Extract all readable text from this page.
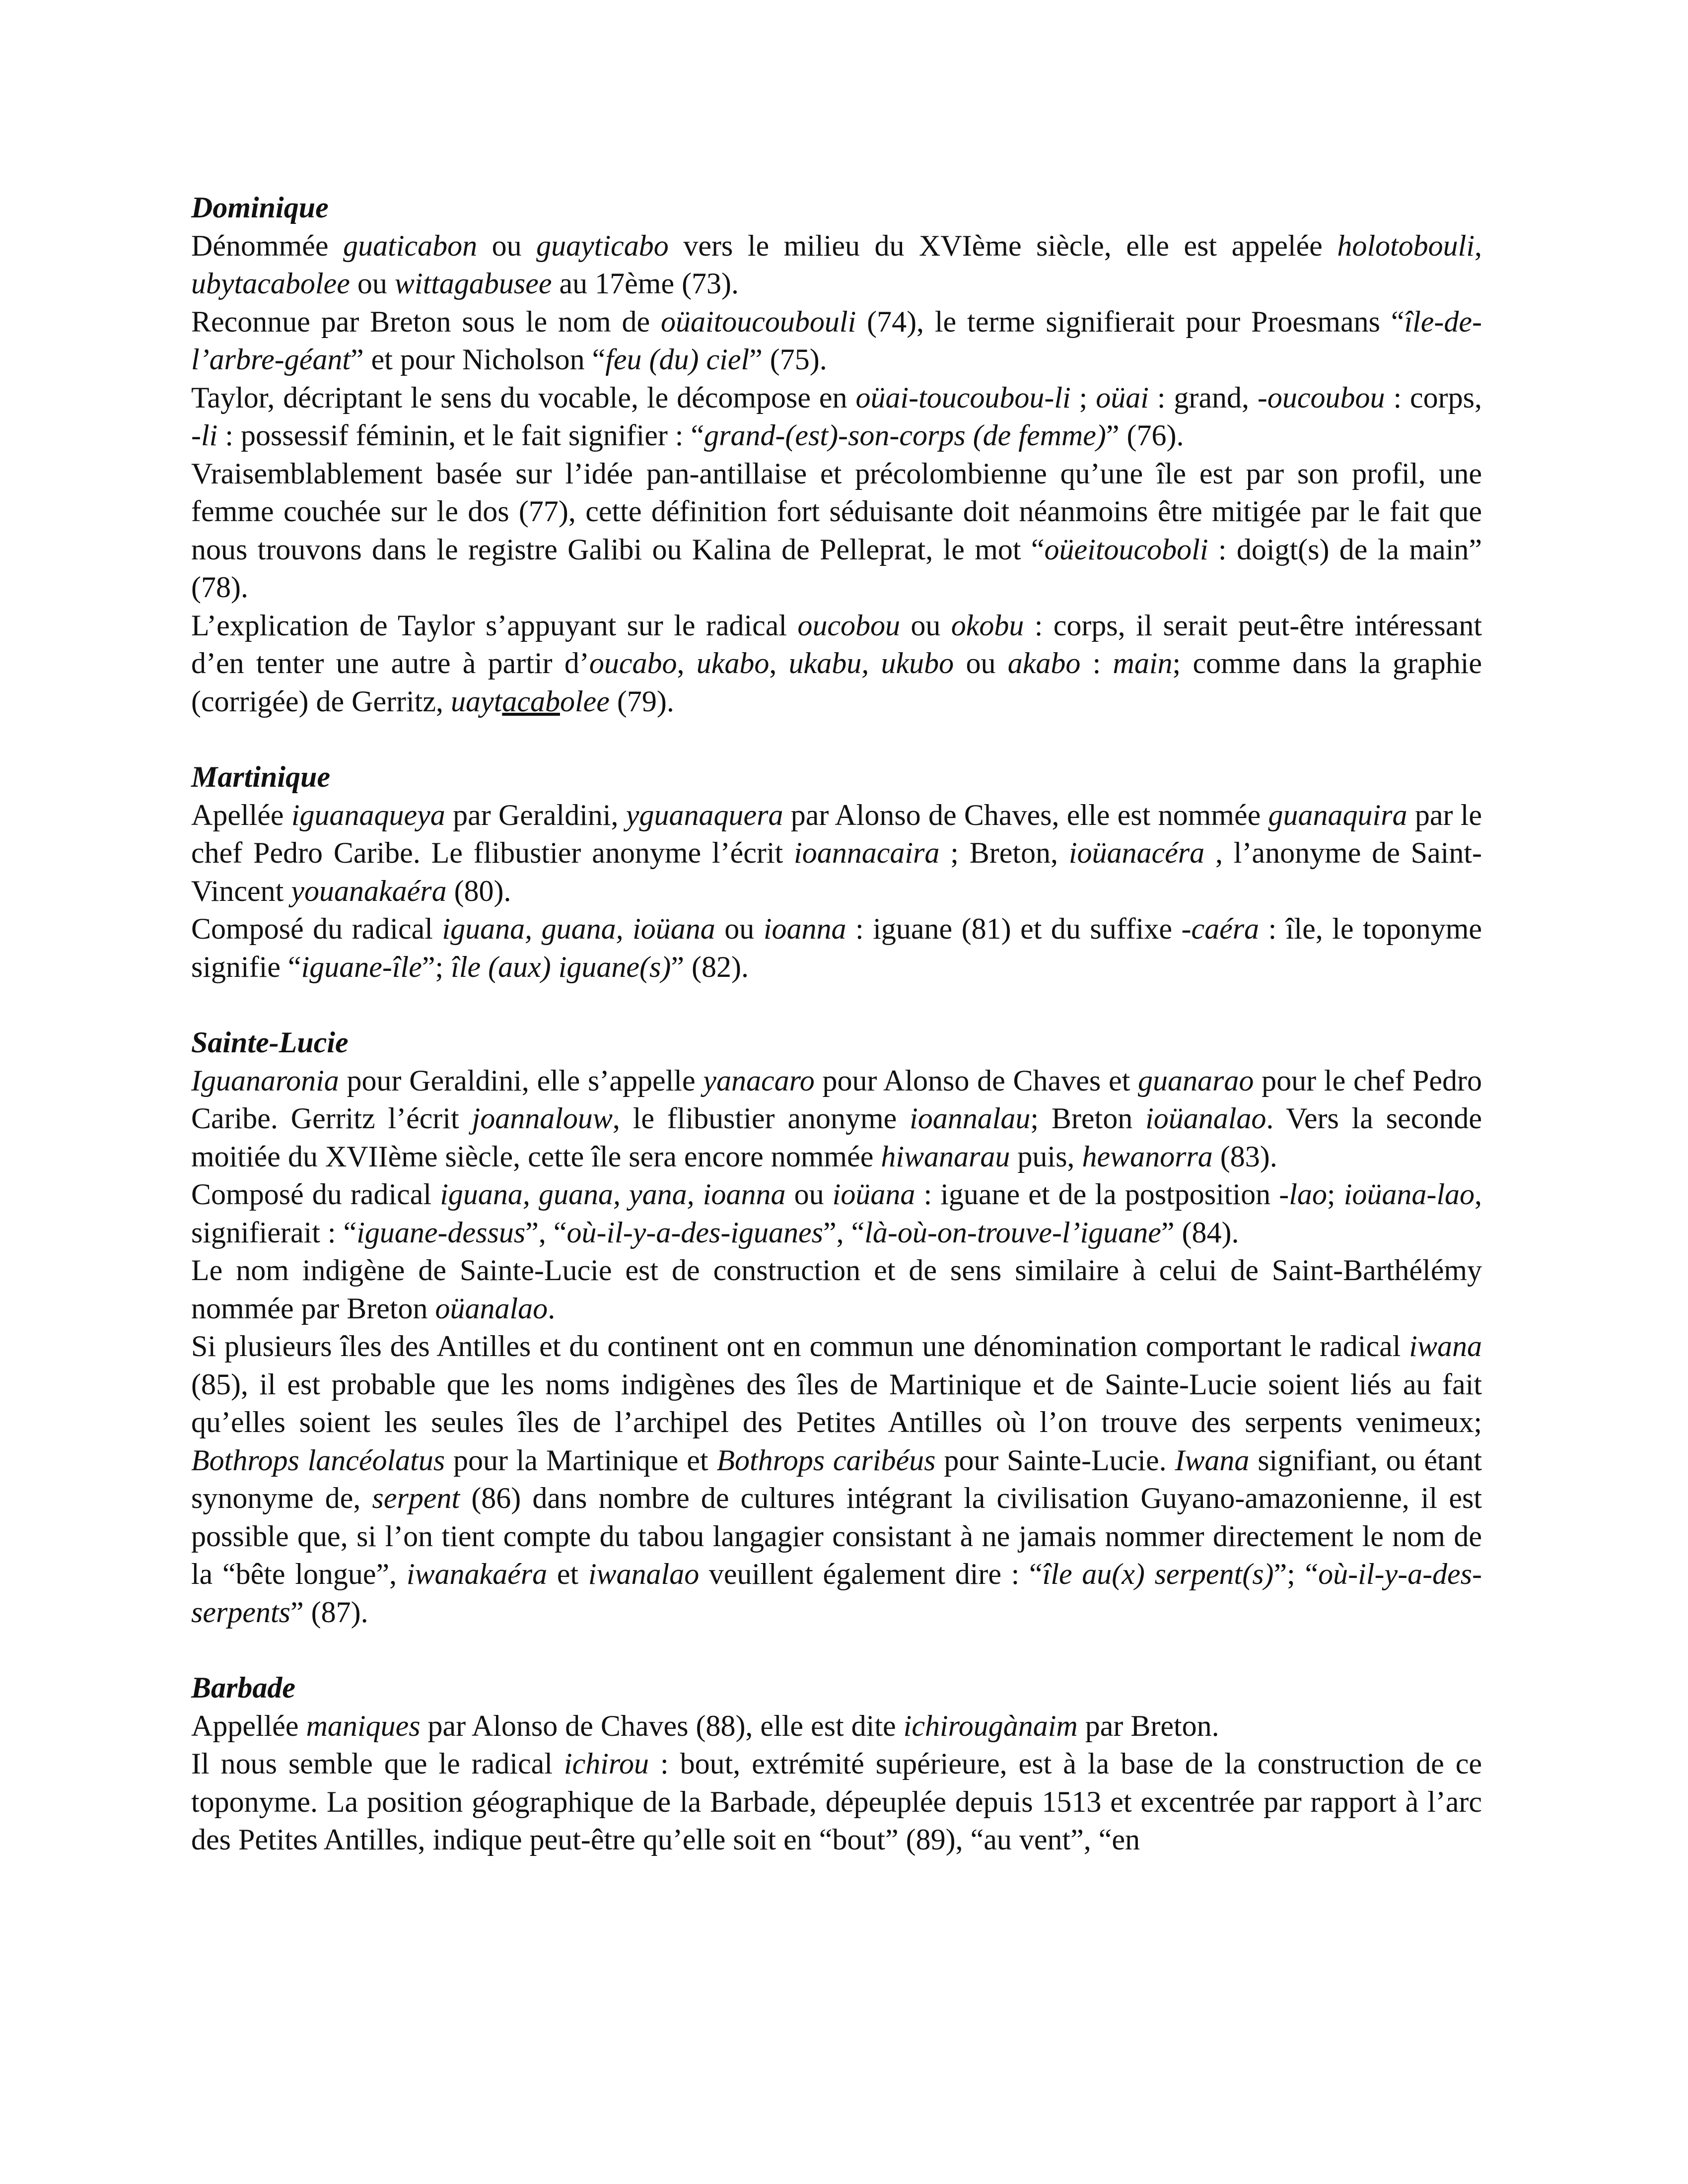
Dominique

Dénommée guaticabon ou guayticabo vers le milieu du XVIème siècle, elle est appelée holotobouli, ubytacabolee ou wittagabusee au 17ème (73).

Reconnue par Breton sous le nom de oüaitoucoubouli (74), le terme signifierait pour Proesmans “île-de-l’arbre-géant” et pour Nicholson “feu (du) ciel” (75).

Taylor, décriptant le sens du vocable, le décompose en oüai-toucoubou-li ; oüai : grand, -oucoubou : corps, -li : possessif féminin, et le fait signifier : “grand-(est)-son-corps (de femme)” (76).

Vraisemblablement basée sur l’idée pan-antillaise et précolombienne qu’une île est par son profil, une femme couchée sur le dos (77), cette définition fort séduisante doit néanmoins être mitigée par le fait que nous trouvons dans le registre Galibi ou Kalina de Pelleprat, le mot “oüeitoucoboli : doigt(s) de la main” (78).

L’explication de Taylor s’appuyant sur le radical oucobou ou okobu : corps, il serait peut-être intéressant d’en tenter une autre à partir d’oucabo, ukabo, ukabu, ukubo ou akabo : main; comme dans la graphie (corrigée) de Gerritz, uaytacabolee (79).

Martinique

Apellée iguanaqueya par Geraldini, yguanaquera par Alonso de Chaves, elle est nommée guanaquira par le chef Pedro Caribe. Le flibustier anonyme l’écrit ioannacaira ; Breton, ioüanacéra , l’anonyme de Saint-Vincent youanakaéra (80).

Composé du radical iguana, guana, ioüana ou ioanna : iguane (81) et du suffixe -caéra : île, le toponyme signifie “iguane-île”; île (aux) iguane(s)” (82).

Sainte-Lucie

Iguanaronia pour Geraldini, elle s’appelle yanacaro pour Alonso de Chaves et guanarao pour le chef Pedro Caribe. Gerritz l’écrit joannalouw, le flibustier anonyme ioannalau; Breton ioüanalao. Vers la seconde moitiée du XVIIème siècle, cette île sera encore nommée hiwanarau puis, hewanorra (83).

Composé du radical iguana, guana, yana, ioanna ou ioüana : iguane et de la postposition -lao; ioüana-lao, signifierait : “iguane-dessus”, “où-il-y-a-des-iguanes”, “là-où-on-trouve-l’iguane” (84).

Le nom indigène de Sainte-Lucie est de construction et de sens similaire à celui de Saint-Barthélémy nommée par Breton oüanalao.

Si plusieurs îles des Antilles et du continent ont en commun une dénomination comportant le radical iwana (85), il est probable que les noms indigènes des îles de Martinique et de Sainte-Lucie soient liés au fait qu’elles soient les seules îles de l’archipel des Petites Antilles où l’on trouve des serpents venimeux; Bothrops lancéolatus pour la Martinique et Bothrops caribéus pour Sainte-Lucie. Iwana signifiant, ou étant synonyme de, serpent (86) dans nombre de cultures intégrant la civilisation Guyano-amazonienne, il est possible que, si l’on tient compte du tabou langagier consistant à ne jamais nommer directement le nom de la “bête longue”, iwanakaéra et iwanalao veuillent également dire : “île au(x) serpent(s)”; “où-il-y-a-des-serpents” (87).

Barbade

Appellée maniques par Alonso de Chaves (88), elle est dite ichirougànaim par Breton.

Il nous semble que le radical ichirou : bout, extrémité supérieure, est à la base de la construction de ce toponyme. La position géographique de la Barbade, dépeuplée depuis 1513 et excentrée par rapport à l’arc des Petites Antilles, indique peut-être qu’elle soit en “bout” (89), “au vent”, “en
